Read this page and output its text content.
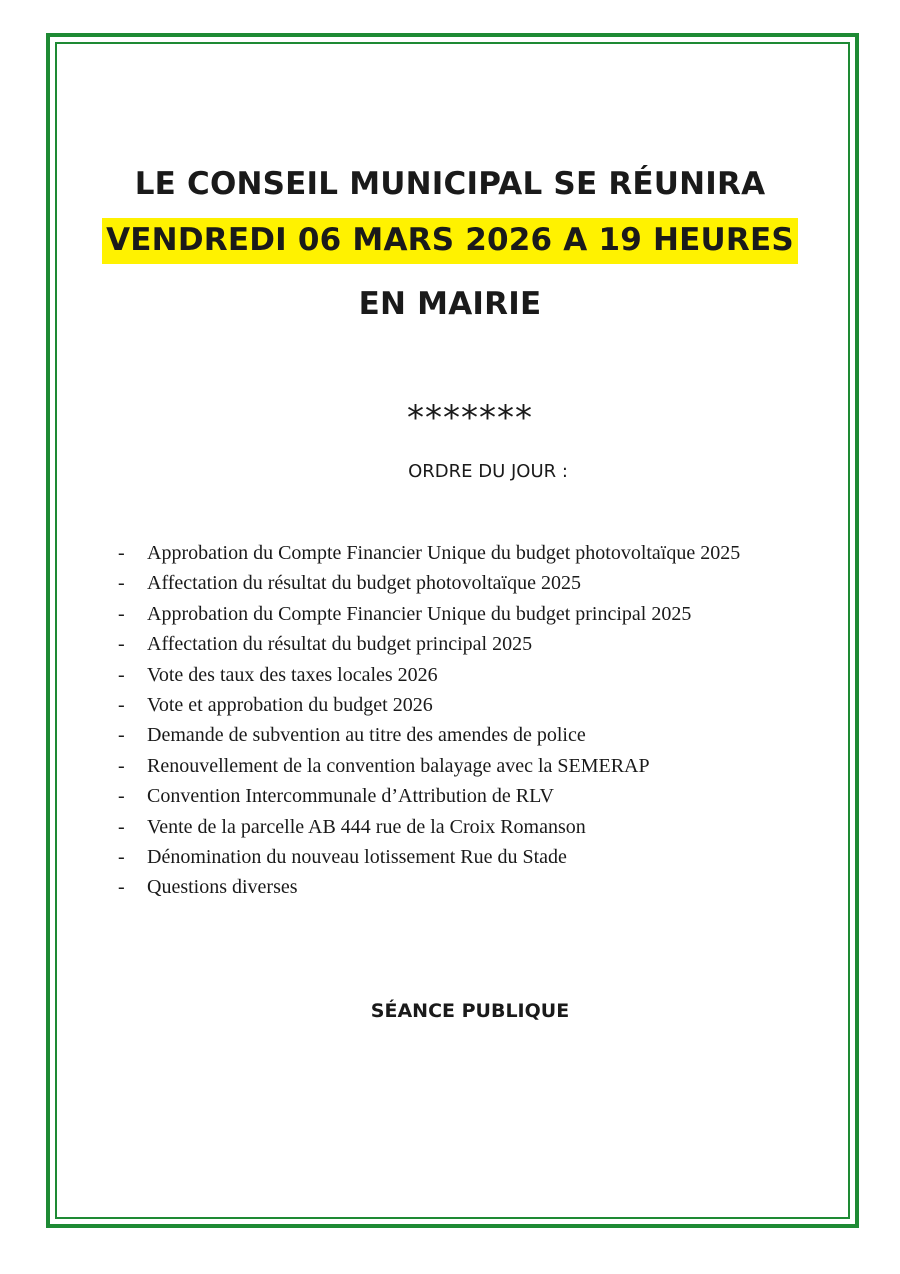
LE CONSEIL MUNICIPAL SE RÉUNIRA
VENDREDI 06 MARS 2026 A 19 HEURES
EN MAIRIE
*******
ORDRE DU JOUR :
- Approbation du Compte Financier Unique du budget photovoltaïque 2025
- Affectation du résultat du budget photovoltaïque 2025
- Approbation du Compte Financier Unique du budget principal 2025
- Affectation du résultat du budget principal 2025
- Vote des taux des taxes locales 2026
- Vote et approbation du budget 2026
- Demande de subvention au titre des amendes de police
- Renouvellement de la convention balayage avec la SEMERAP
- Convention Intercommunale d’Attribution de RLV
- Vente de la parcelle AB 444 rue de la Croix Romanson
- Dénomination du nouveau lotissement Rue du Stade
- Questions diverses
SÉANCE PUBLIQUE
